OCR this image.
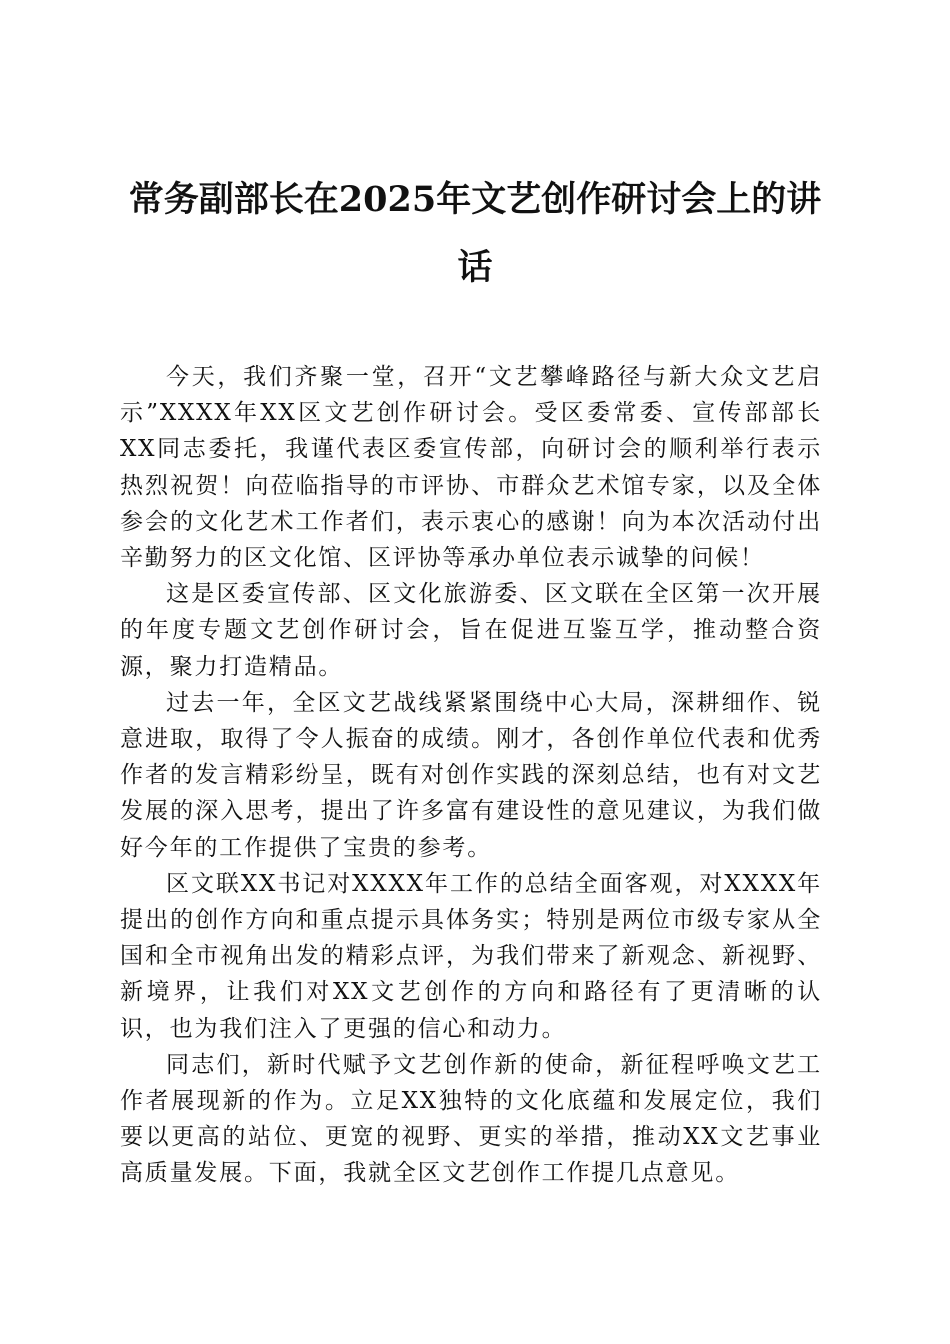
常务副部长在2025年文艺创作研讨会上的讲话

今天，我们齐聚一堂，召开“文艺攀峰路径与新大众文艺启示”XXXX年XX区文艺创作研讨会。受区委常委、宣传部部长XX同志委托，我谨代表区委宣传部，向研讨会的顺利举行表示热烈祝贺！向莅临指导的市评协、市群众艺术馆专家，以及全体参会的文化艺术工作者们，表示衷心的感谢！向为本次活动付出辛勤努力的区文化馆、区评协等承办单位表示诚挚的问候！

这是区委宣传部、区文化旅游委、区文联在全区第一次开展的年度专题文艺创作研讨会，旨在促进互鉴互学，推动整合资源，聚力打造精品。

过去一年，全区文艺战线紧紧围绕中心大局，深耕细作、锐意进取，取得了令人振奋的成绩。刚才，各创作单位代表和优秀作者的发言精彩纷呈，既有对创作实践的深刻总结，也有对文艺发展的深入思考，提出了许多富有建设性的意见建议，为我们做好今年的工作提供了宝贵的参考。

区文联XX书记对XXXX年工作的总结全面客观，对XXXX年提出的创作方向和重点提示具体务实；特别是两位市级专家从全国和全市视角出发的精彩点评，为我们带来了新观念、新视野、新境界，让我们对XX文艺创作的方向和路径有了更清晰的认识，也为我们注入了更强的信心和动力。

同志们，新时代赋予文艺创作新的使命，新征程呼唤文艺工作者展现新的作为。立足XX独特的文化底蕴和发展定位，我们要以更高的站位、更宽的视野、更实的举措，推动XX文艺事业高质量发展。下面，我就全区文艺创作工作提几点意见。
